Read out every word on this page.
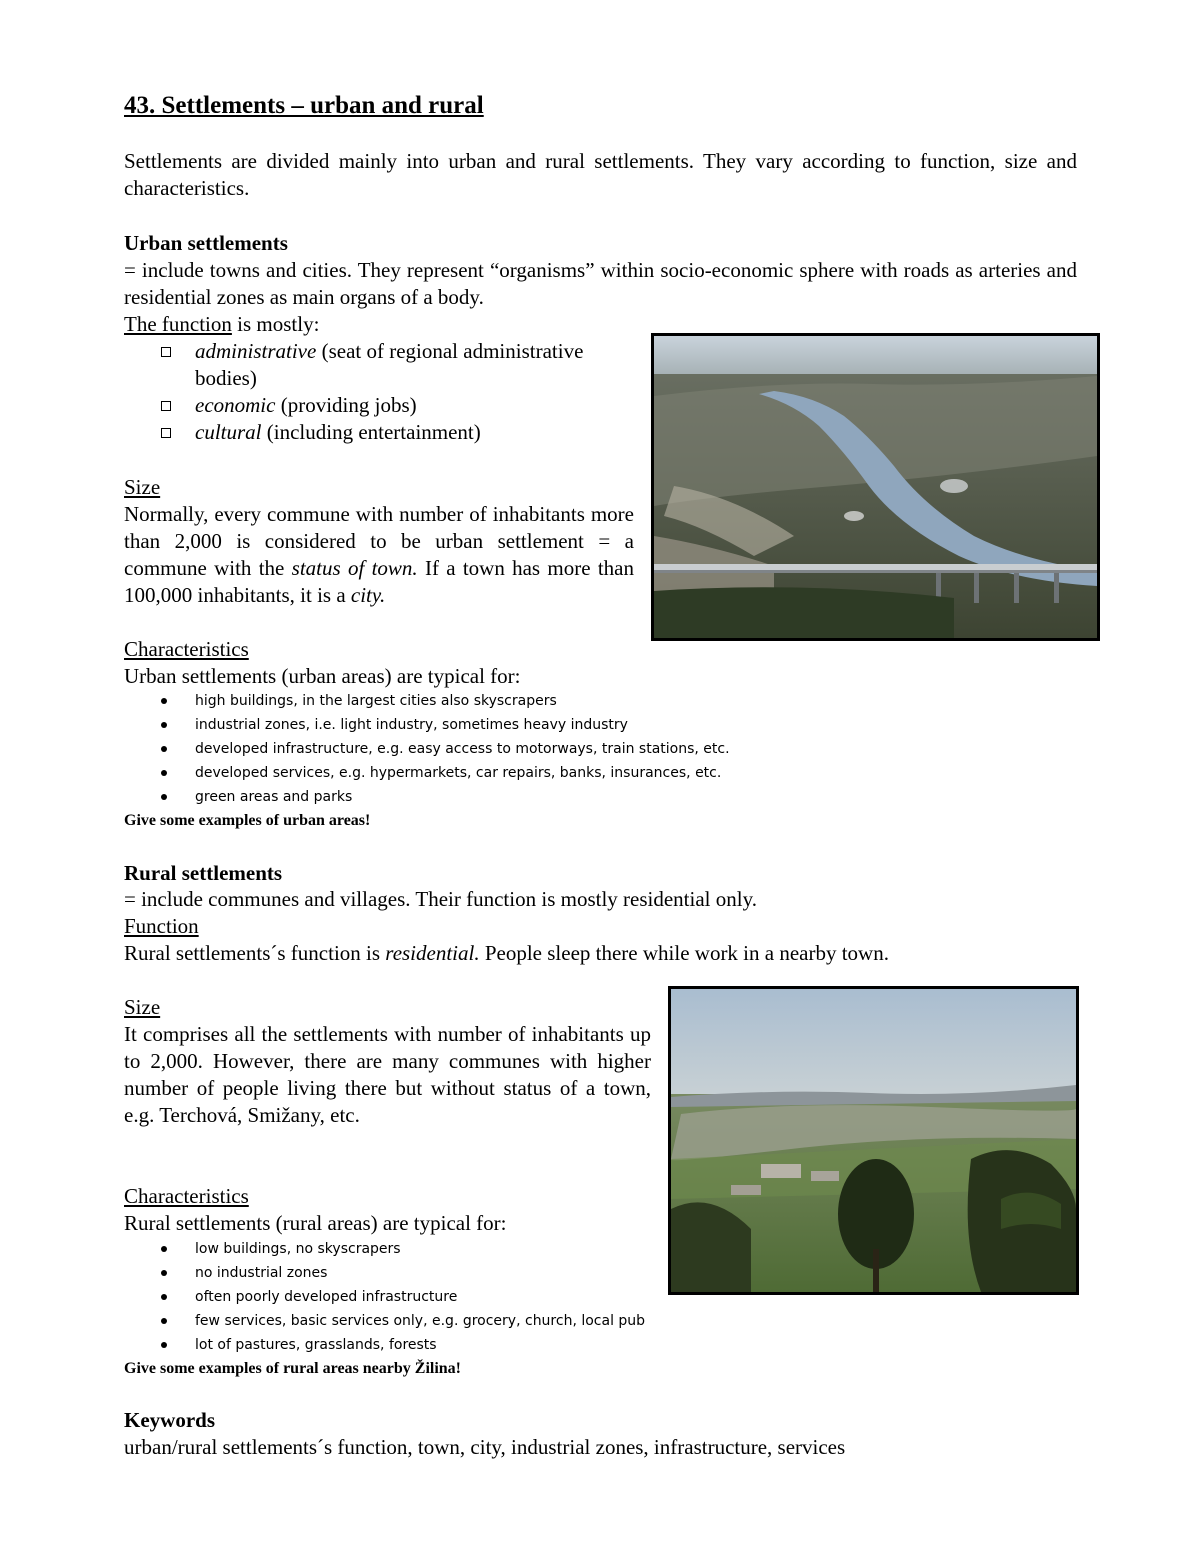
43. Settlements – urban and rural
Settlements are divided mainly into urban and rural settlements. They vary according to function, size and characteristics.
Urban settlements
= include towns and cities. They represent “organisms” within socio-economic sphere with roads as arteries and residential zones as main organs of a body.
The function is mostly:
administrative (seat of regional administrative bodies)
economic (providing jobs)
cultural (including entertainment)
Size
Normally, every commune with number of inhabitants more than 2,000 is considered to be urban settlement = a commune with the status of town. If a town has more than 100,000 inhabitants, it is a city.
Characteristics
Urban settlements (urban areas) are typical for:
high buildings, in the largest cities also skyscrapers
industrial zones, i.e. light industry, sometimes heavy industry
developed infrastructure, e.g. easy access to motorways, train stations, etc.
developed services, e.g. hypermarkets, car repairs, banks, insurances, etc.
green areas and parks
Give some examples of urban areas!
Rural settlements
= include communes and villages. Their function is mostly residential only.
Function
Rural settlements´s function is residential. People sleep there while work in a nearby town.
Size
It comprises all the settlements with number of inhabitants up to 2,000. However, there are many communes with higher number of people living there but without status of a town, e.g. Terchová, Smižany, etc.
Characteristics
Rural settlements (rural areas) are typical for:
low buildings, no skyscrapers
no industrial zones
often poorly developed infrastructure
few services, basic services only, e.g. grocery, church, local pub
lot of pastures, grasslands, forests
Give some examples of rural areas nearby Žilina!
Keywords
urban/rural settlements´s function, town, city, industrial zones, infrastructure, services
